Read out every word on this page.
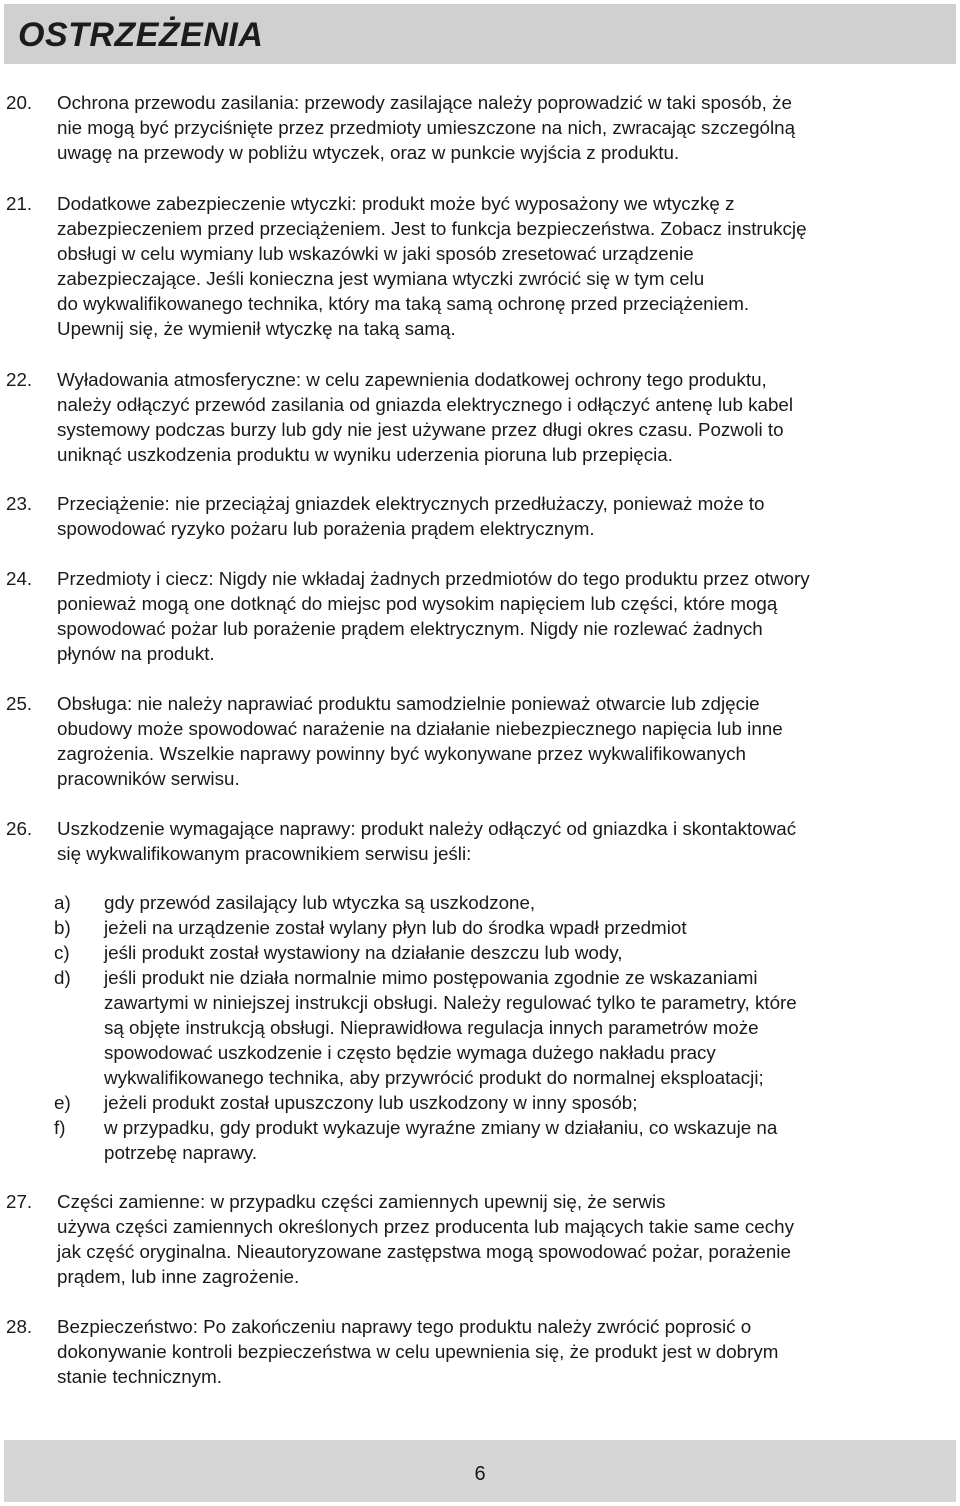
OSTRZEŻENIA
20. Ochrona przewodu zasilania: przewody zasilające należy poprowadzić w taki sposób, że
nie mogą być przyciśnięte przez przedmioty umieszczone na nich, zwracając szczególną
uwagę na przewody w pobliżu wtyczek, oraz w punkcie wyjścia z produktu.
21. Dodatkowe zabezpieczenie wtyczki: produkt może być wyposażony we wtyczkę z
zabezpieczeniem przed przeciążeniem. Jest to funkcja bezpieczeństwa. Zobacz instrukcję
obsługi w celu wymiany lub wskazówki w jaki sposób zresetować urządzenie
zabezpieczające. Jeśli konieczna jest wymiana wtyczki zwrócić się w tym celu
do wykwalifikowanego technika, który ma taką samą ochronę przed przeciążeniem.
Upewnij się, że wymienił wtyczkę na taką samą.
22. Wyładowania atmosferyczne: w celu zapewnienia dodatkowej ochrony tego produktu,
należy odłączyć przewód zasilania od gniazda elektrycznego i odłączyć antenę lub kabel
systemowy podczas burzy lub gdy nie jest używane przez długi okres czasu. Pozwoli to
uniknąć uszkodzenia produktu w wyniku uderzenia pioruna lub przepięcia.
23. Przeciążenie: nie przeciążaj gniazdek elektrycznych przedłużaczy, ponieważ może to
spowodować ryzyko pożaru lub porażenia prądem elektrycznym.
24. Przedmioty i ciecz: Nigdy nie wkładaj żadnych przedmiotów do tego produktu przez otwory
ponieważ mogą one dotknąć do miejsc pod wysokim napięciem lub części, które mogą
spowodować pożar lub porażenie prądem elektrycznym. Nigdy nie rozlewać żadnych
płynów na produkt.
25. Obsługa: nie należy naprawiać produktu samodzielnie ponieważ otwarcie lub zdjęcie
obudowy może spowodować narażenie na działanie niebezpiecznego napięcia lub inne
zagrożenia. Wszelkie naprawy powinny być wykonywane przez wykwalifikowanych
pracowników serwisu.
26. Uszkodzenie wymagające naprawy: produkt należy odłączyć od gniazdka i skontaktować
się wykwalifikowanym pracownikiem serwisu jeśli:
a) gdy przewód zasilający lub wtyczka są uszkodzone,
b) jeżeli na urządzenie został wylany płyn lub do środka wpadł przedmiot
c) jeśli produkt został wystawiony na działanie deszczu lub wody,
d) jeśli produkt nie działa normalnie mimo postępowania zgodnie ze wskazaniami
zawartymi w niniejszej instrukcji obsługi. Należy regulować tylko te parametry, które
są objęte instrukcją obsługi. Nieprawidłowa regulacja innych parametrów może
spowodować uszkodzenie i często będzie wymaga dużego nakładu pracy
wykwalifikowanego technika, aby przywrócić produkt do normalnej eksploatacji;
e) jeżeli produkt został upuszczony lub uszkodzony w inny sposób;
f) w przypadku, gdy produkt wykazuje wyraźne zmiany w działaniu, co wskazuje na
potrzebę naprawy.
27. Części zamienne: w przypadku części zamiennych upewnij się, że serwis
używa części zamiennych określonych przez producenta lub mających takie same cechy
jak część oryginalna. Nieautoryzowane zastępstwa mogą spowodować pożar, porażenie
prądem, lub inne zagrożenie.
28. Bezpieczeństwo: Po zakończeniu naprawy tego produktu należy zwrócić poprosić o
dokonywanie kontroli bezpieczeństwa w celu upewnienia się, że produkt jest w dobrym
stanie technicznym.
6
